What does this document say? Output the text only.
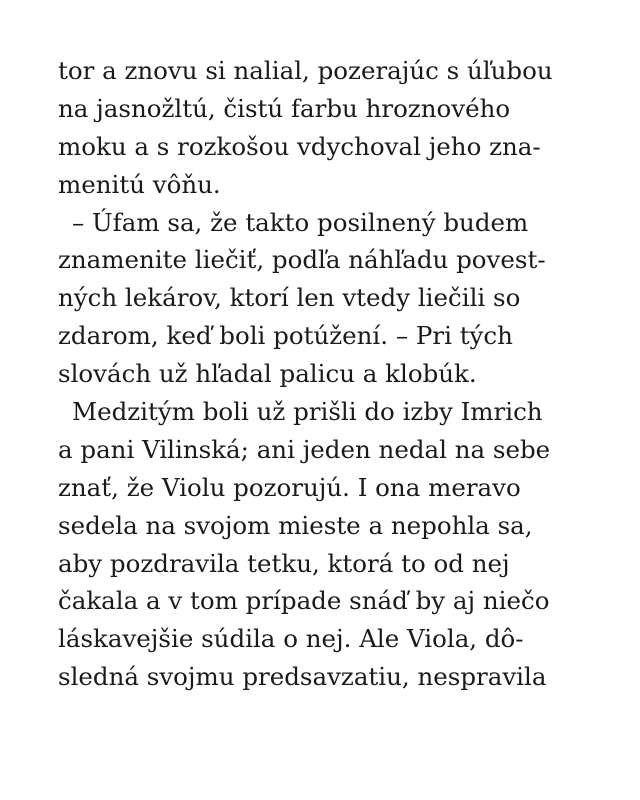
tor a znovu si nalial, pozerajúc s úľubou
na jasnožltú, čistú farbu hroznového
moku a s rozkošou vdychoval jeho zna-
menitú vôňu.
– Úfam sa, že takto posilnený budem
znamenite liečiť, podľa náhľadu povest-
ných lekárov, ktorí len vtedy liečili so
zdarom, keď boli potúžení. – Pri tých
slovách už hľadal palicu a klobúk.
Medzitým boli už prišli do izby Imrich
a pani Vilinská; ani jeden nedal na sebe
znať, že Violu pozorujú. I ona meravo
sedela na svojom mieste a nepohla sa,
aby pozdravila tetku, ktorá to od nej
čakala a v tom prípade snáď by aj niečo
láskavejšie súdila o nej. Ale Viola, dô-
sledná svojmu predsavzatiu, nespravila
